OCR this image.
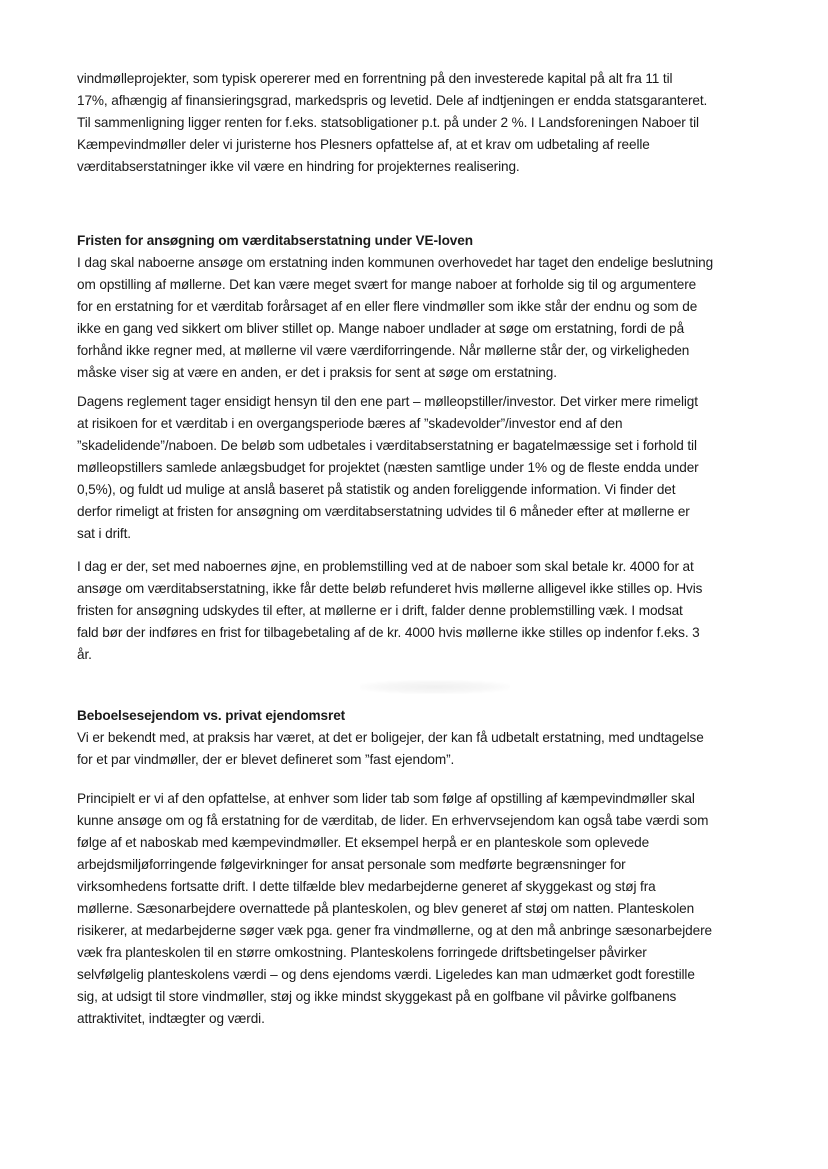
vindmølleprojekter, som typisk opererer med en forrentning på den investerede kapital på alt fra 11 til
17%, afhængig af finansieringsgrad, markedspris og levetid. Dele af indtjeningen er endda statsgaranteret.
Til sammenligning ligger renten for f.eks. statsobligationer p.t. på under 2 %. I Landsforeningen Naboer til
Kæmpevindmøller deler vi juristerne hos Plesners opfattelse af, at et krav om udbetaling af reelle
værditabserstatninger ikke vil være en hindring for projekternes realisering.
Fristen for ansøgning om værditabserstatning under VE-loven
I dag skal naboerne ansøge om erstatning inden kommunen overhovedet har taget den endelige beslutning
om opstilling af møllerne. Det kan være meget svært for mange naboer at forholde sig til og argumentere
for en erstatning for et værditab forårsaget af en eller flere vindmøller som ikke står der endnu og som de
ikke en gang ved sikkert om bliver stillet op. Mange naboer undlader at søge om erstatning, fordi de på
forhånd ikke regner med, at møllerne vil være værdiforringende. Når møllerne står der, og virkeligheden
måske viser sig at være en anden, er det i praksis for sent at søge om erstatning.
Dagens reglement tager ensidigt hensyn til den ene part – mølleopstiller/investor. Det virker mere rimeligt
at risikoen for et værditab i en overgangsperiode bæres af ”skadevolder”/investor end af den
”skadelidende”/naboen. De beløb som udbetales i værditabserstatning er bagatelmæssige set i forhold til
mølleopstillers samlede anlægsbudget for projektet (næsten samtlige under 1% og de fleste endda under
0,5%), og fuldt ud mulige at anslå baseret på statistik og anden foreliggende information. Vi finder det
derfor rimeligt at fristen for ansøgning om værditabserstatning udvides til 6 måneder efter at møllerne er
sat i drift.
I dag er der, set med naboernes øjne, en problemstilling ved at de naboer som skal betale kr. 4000 for at
ansøge om værditabserstatning, ikke får dette beløb refunderet hvis møllerne alligevel ikke stilles op. Hvis
fristen for ansøgning udskydes til efter, at møllerne er i drift, falder denne problemstilling væk. I modsat
fald bør der indføres en frist for tilbagebetaling af de kr. 4000 hvis møllerne ikke stilles op indenfor f.eks. 3
år.
Beboelsesejendom vs. privat ejendomsret
Vi er bekendt med, at praksis har været, at det er boligejer, der kan få udbetalt erstatning, med undtagelse
for et par vindmøller, der er blevet defineret som ”fast ejendom”.
Principielt er vi af den opfattelse, at enhver som lider tab som følge af opstilling af kæmpevindmøller skal
kunne ansøge om og få erstatning for de værditab, de lider. En erhvervsejendom kan også tabe værdi som
følge af et naboskab med kæmpevindmøller. Et eksempel herpå er en planteskole som oplevede
arbejdsmiljøforringende følgevirkninger for ansat personale som medførte begrænsninger for
virksomhedens fortsatte drift. I dette tilfælde blev medarbejderne generet af skyggekast og støj fra
møllerne. Sæsonarbejdere overnattede på planteskolen, og blev generet af støj om natten. Planteskolen
risikerer, at medarbejderne søger væk pga. gener fra vindmøllerne, og at den må anbringe sæsonarbejdere
væk fra planteskolen til en større omkostning. Planteskolens forringede driftsbetingelser påvirker
selvfølgelig planteskolens værdi – og dens ejendoms værdi. Ligeledes kan man udmærket godt forestille
sig, at udsigt til store vindmøller, støj og ikke mindst skyggekast på en golfbane vil påvirke golfbanens
attraktivitet, indtægter og værdi.
